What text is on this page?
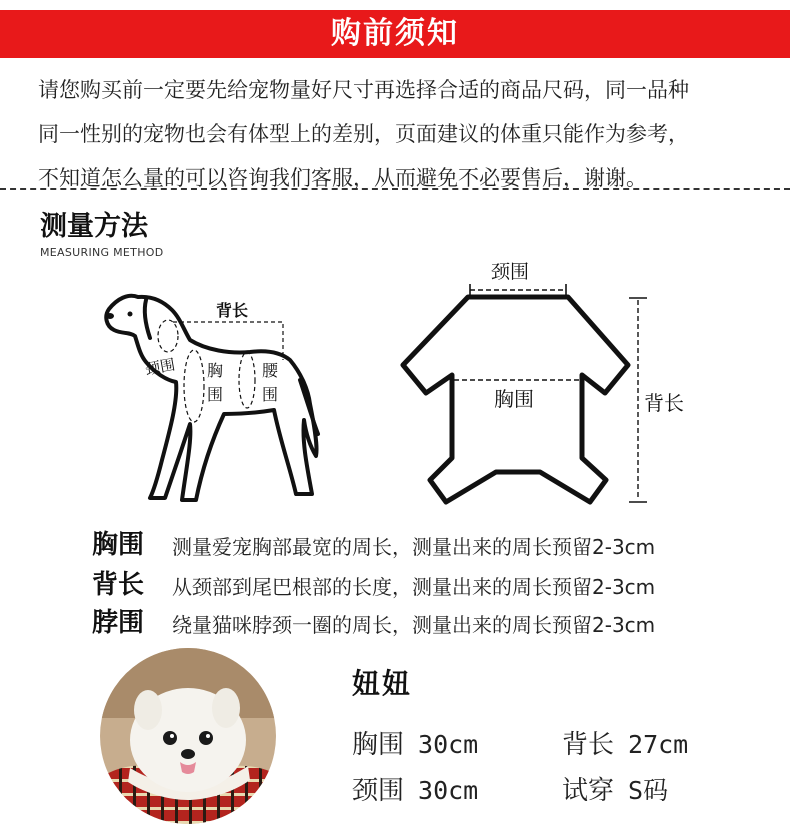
购前须知

请您购买前一定要先给宠物量好尺寸再选择合适的商品尺码，同一品种

同一性别的宠物也会有体型上的差别，页面建议的体重只能作为参考，

不知道怎么量的可以咨询我们客服，从而避免不必要售后，谢谢。

测量方法
MEASURING METHOD
背长
颈围 胸
围
腰
围
颈围
胸围	背长
胸围 测量爱宠胸部最宽的周长，测量出来的周长预留2-3cm
背长 从颈部到尾巴根部的长度，测量出来的周长预留2-3cm
脖围 绕量猫咪脖颈一圈的周长，测量出来的周长预留2-3cm
妞妞
胸围 30cm	背长 27cm
颈围 30cm	试穿 S码
